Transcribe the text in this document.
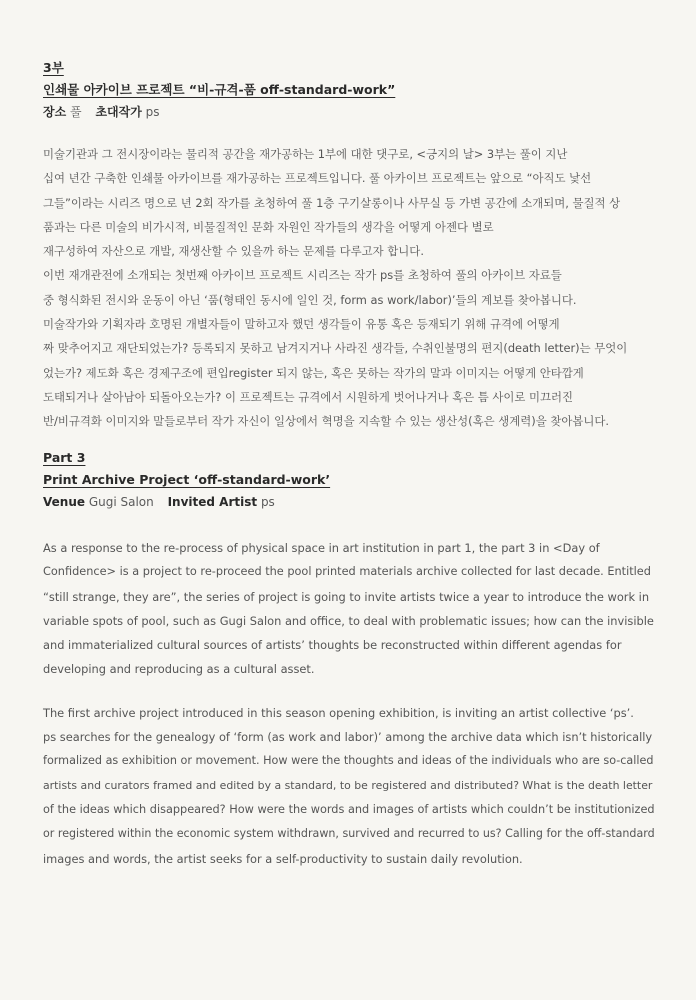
3부
인쇄물 아카이브 프로젝트 “비-규격-품 off-standard-work”
장소 풀 초대작가 ps
미술기관과 그 전시장이라는 물리적 공간을 재가공하는 1부에 대한 댓구로, <긍지의 날> 3부는 풀이 지난
십여 년간 구축한 인쇄물 아카이브를 재가공하는 프로젝트입니다. 풀 아카이브 프로젝트는 앞으로 “아직도 낯선
그들”이라는 시리즈 명으로 년 2회 작가를 초청하여 풀 1층 구기살롱이나 사무실 등 가변 공간에 소개되며, 물질적 상
품과는 다른 미술의 비가시적, 비물질적인 문화 자원인 작가들의 생각을 어떻게 아젠다 별로
재구성하여 자산으로 개발, 재생산할 수 있을까 하는 문제를 다루고자 합니다.
이번 재개관전에 소개되는 첫번째 아카이브 프로젝트 시리즈는 작가 ps를 초청하여 풀의 아카이브 자료들
중 형식화된 전시와 운동이 아닌 ‘품(형태인 동시에 일인 것, form as work/labor)’들의 계보를 찾아봅니다.
미술작가와 기획자라 호명된 개별자들이 말하고자 했던 생각들이 유통 혹은 등재되기 위해 규격에 어떻게
짜 맞추어지고 재단되었는가? 등록되지 못하고 남겨지거나 사라진 생각들, 수취인불명의 편지(death letter)는 무엇이
었는가? 제도화 혹은 경제구조에 편입register 되지 않는, 혹은 못하는 작가의 말과 이미지는 어떻게 안타깝게
도태되거나 살아남아 되돌아오는가? 이 프로젝트는 규격에서 시원하게 벗어나거나 혹은 틈 사이로 미끄러진
반/비규격화 이미지와 말들로부터 작가 자신이 일상에서 혁명을 지속할 수 있는 생산성(혹은 생계력)을 찾아봅니다.
Part 3
Print Archive Project ‘off-standard-work’
Venue Gugi Salon Invited Artist ps
As a response to the re-process of physical space in art institution in part 1, the part 3 in <Day of
Confidence> is a project to re-proceed the pool printed materials archive collected for last decade. Entitled
“still strange, they are”, the series of project is going to invite artists twice a year to introduce the work in
variable spots of pool, such as Gugi Salon and office, to deal with problematic issues; how can the invisible
and immaterialized cultural sources of artists’ thoughts be reconstructed within different agendas for
developing and reproducing as a cultural asset.
The first archive project introduced in this season opening exhibition, is inviting an artist collective ‘ps’.
ps searches for the genealogy of ‘form (as work and labor)’ among the archive data which isn’t historically
formalized as exhibition or movement. How were the thoughts and ideas of the individuals who are so-called
artists and curators framed and edited by a standard, to be registered and distributed? What is the death letter
of the ideas which disappeared? How were the words and images of artists which couldn’t be institutionized
or registered within the economic system withdrawn, survived and recurred to us? Calling for the off-standard
images and words, the artist seeks for a self-productivity to sustain daily revolution.
